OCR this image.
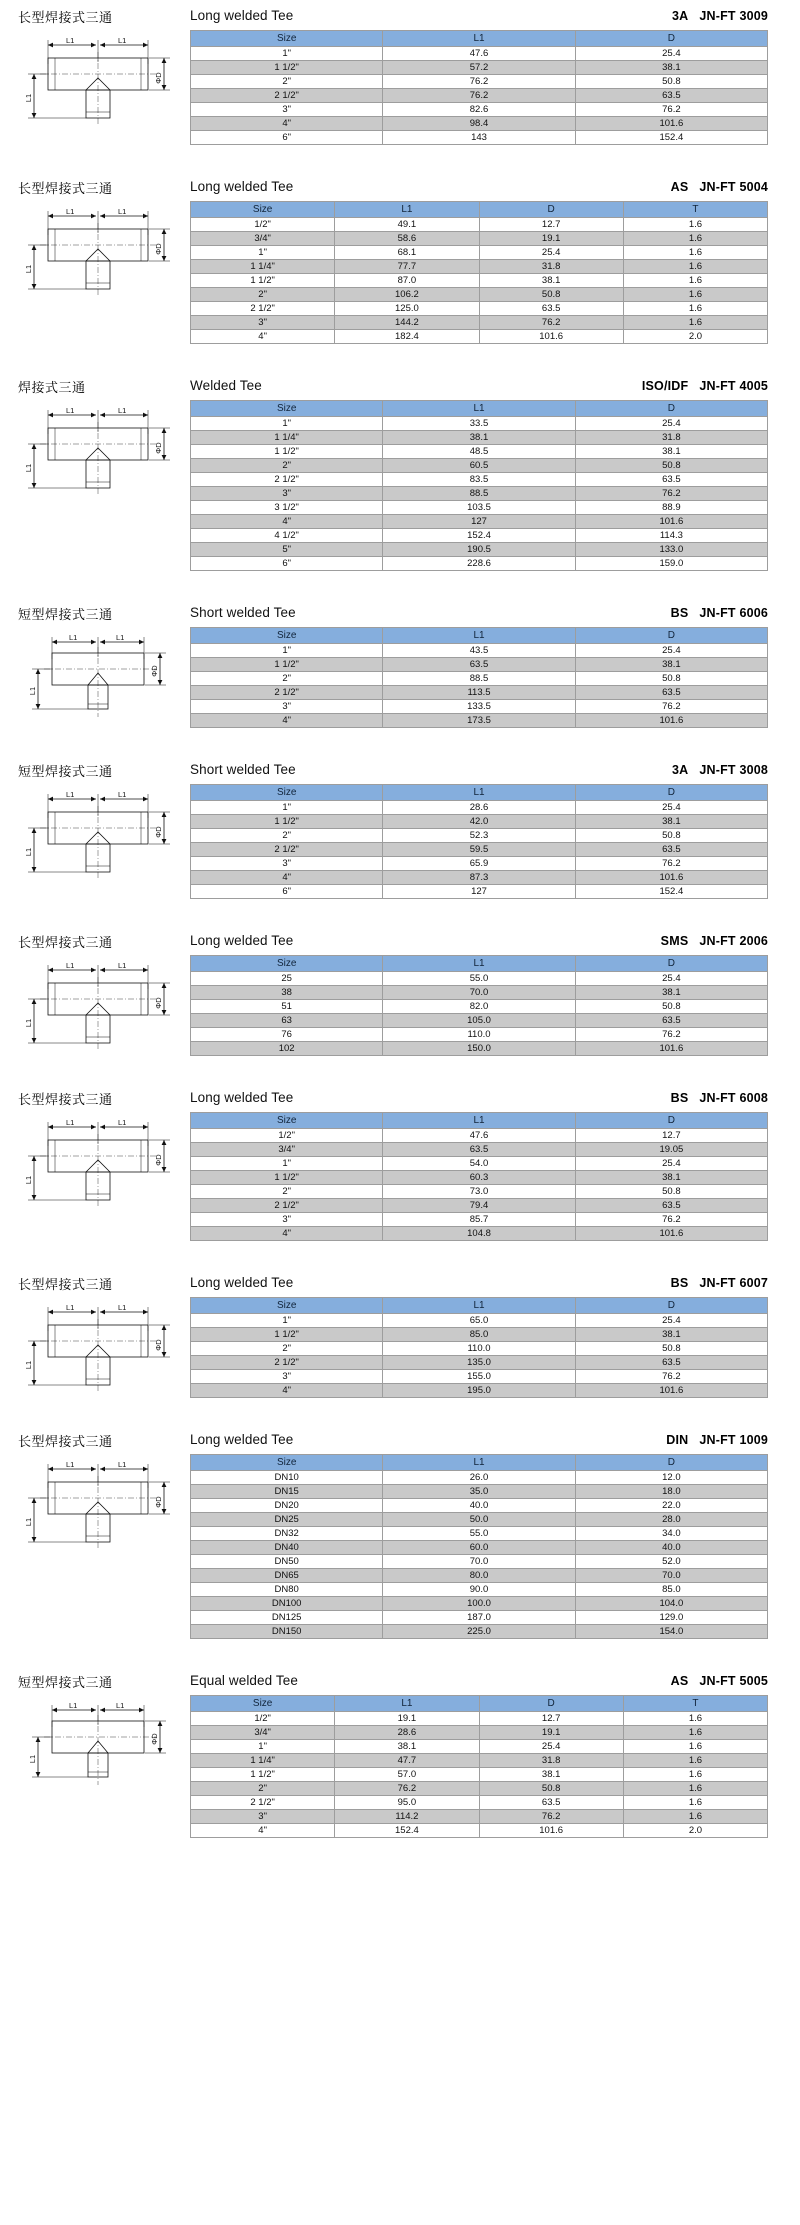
长型焊接式三通
L1	L1
ΦD
L1
Long welded Tee	3A JN-FT 3009
Size	L1	D
1"	47.6	25.4
1 1/2"	57.2	38.1
2"	76.2	50.8
2 1/2"	76.2	63.5
3"	82.6	76.2
4"	98.4	101.6
6"	143	152.4
长型焊接式三通
L1	L1
ΦD
L1
Long welded Tee	AS JN-FT 5004
Size	L1	D	T
1/2"	49.1	12.7	1.6
3/4"	58.6	19.1	1.6
1"	68.1	25.4	1.6
1 1/4"	77.7	31.8	1.6
1 1/2"	87.0	38.1	1.6
2"	106.2	50.8	1.6
2 1/2"	125.0	63.5	1.6
3"	144.2	76.2	1.6
4"	182.4	101.6	2.0
焊接式三通
L1	L1
ΦD
L1
Welded Tee	ISO/IDF JN-FT 4005
Size	L1	D
1"	33.5	25.4
1 1/4"	38.1	31.8
1 1/2"	48.5	38.1
2"	60.5	50.8
2 1/2"	83.5	63.5
3"	88.5	76.2
3 1/2"	103.5	88.9
4"	127	101.6
4 1/2"	152.4	114.3
5"	190.5	133.0
6"	228.6	159.0
短型焊接式三通
L1	L1
ΦD
L1
Short welded Tee	BS JN-FT 6006
Size	L1	D
1"	43.5	25.4
1 1/2"	63.5	38.1
2"	88.5	50.8
2 1/2"	113.5	63.5
3"	133.5	76.2
4"	173.5	101.6
短型焊接式三通
L1	L1
ΦD
L1
Short welded Tee	3A JN-FT 3008
Size	L1	D
1"	28.6	25.4
1 1/2"	42.0	38.1
2"	52.3	50.8
2 1/2"	59.5	63.5
3"	65.9	76.2
4"	87.3	101.6
6"	127	152.4
长型焊接式三通
L1	L1
ΦD
L1
Long welded Tee	SMS JN-FT 2006
Size	L1	D
25	55.0	25.4
38	70.0	38.1
51	82.0	50.8
63	105.0	63.5
76	110.0	76.2
102	150.0	101.6
长型焊接式三通
L1	L1
ΦD
L1
Long welded Tee	BS JN-FT 6008
Size	L1	D
1/2"	47.6	12.7
3/4"	63.5	19.05
1"	54.0	25.4
1 1/2"	60.3	38.1
2"	73.0	50.8
2 1/2"	79.4	63.5
3"	85.7	76.2
4"	104.8	101.6
长型焊接式三通
L1	L1
ΦD
L1
Long welded Tee	BS JN-FT 6007
Size	L1	D
1"	65.0	25.4
1 1/2"	85.0	38.1
2"	110.0	50.8
2 1/2"	135.0	63.5
3"	155.0	76.2
4"	195.0	101.6
长型焊接式三通
L1	L1
ΦD
L1
Long welded Tee	DIN JN-FT 1009
Size	L1	D
DN10	26.0	12.0
DN15	35.0	18.0
DN20	40.0	22.0
DN25	50.0	28.0
DN32	55.0	34.0
DN40	60.0	40.0
DN50	70.0	52.0
DN65	80.0	70.0
DN80	90.0	85.0
DN100	100.0	104.0
DN125	187.0	129.0
DN150	225.0	154.0
短型焊接式三通
L1	L1
ΦD
L1
Equal welded Tee	AS JN-FT 5005
Size	L1	D	T
1/2"	19.1	12.7	1.6
3/4"	28.6	19.1	1.6
1"	38.1	25.4	1.6
1 1/4"	47.7	31.8	1.6
1 1/2"	57.0	38.1	1.6
2"	76.2	50.8	1.6
2 1/2"	95.0	63.5	1.6
3"	114.2	76.2	1.6
4"	152.4	101.6	2.0
